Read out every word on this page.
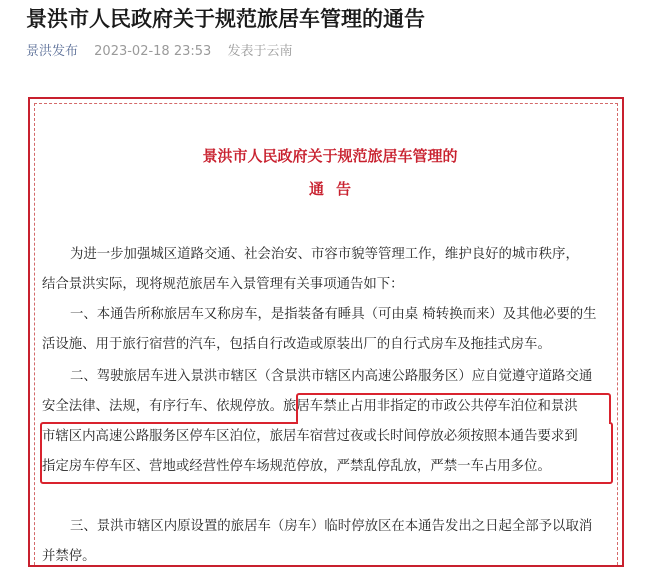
景洪市人民政府关于规范旅居车管理的通告
景洪发布 2023-02-18 23:53 发表于云南

景洪市人民政府关于规范旅居车管理的

通告

为进一步加强城区道路交通、社会治安、市容市貌等管理工作，维护良好的城市秩序，
结合景洪实际，现将规范旅居车入景管理有关事项通告如下：

一、本通告所称旅居车又称房车，是指装备有睡具（可由桌 椅转换而来）及其他必要的生
活设施、用于旅行宿营的汽车，包括自行改造或原装出厂的自行式房车及拖挂式房车。

二、驾驶旅居车进入景洪市辖区（含景洪市辖区内高速公路服务区）应自觉遵守道路交通
安全法律、法规，有序行车、依规停放。旅居车禁止占用非指定的市政公共停车泊位和景洪
市辖区内高速公路服务区停车区泊位，旅居车宿营过夜或长时间停放必须按照本通告要求到
指定房车停车区、营地或经营性停车场规范停放，严禁乱停乱放，严禁一车占用多位。

三、景洪市辖区内原设置的旅居车（房车）临时停放区在本通告发出之日起全部予以取消
并禁停。
